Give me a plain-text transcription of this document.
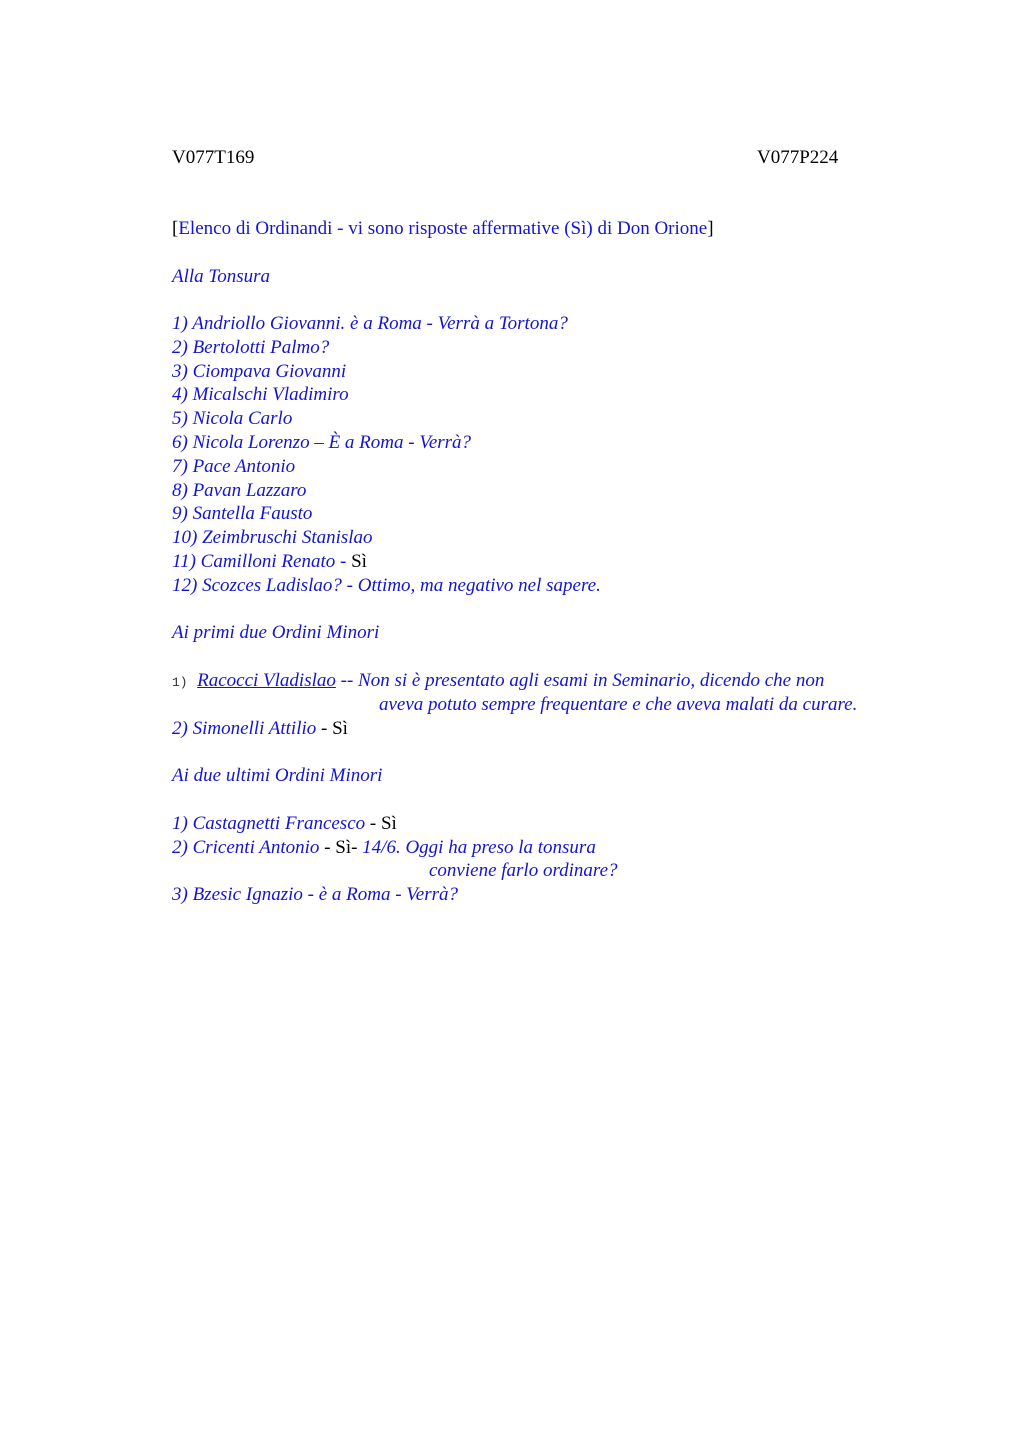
V077T169	V077P224
[Elenco di Ordinandi - vi sono risposte affermative (Sì) di Don Orione]
Alla Tonsura
1) Andriollo Giovanni. è a Roma - Verrà a Tortona?
2) Bertolotti Palmo?
3) Ciompava Giovanni
4) Micalschi Vladimiro
5) Nicola Carlo
6) Nicola Lorenzo – È a Roma - Verrà?
7) Pace Antonio
8) Pavan Lazzaro
9) Santella Fausto
10) Zeimbruschi Stanislao
11) Camilloni Renato - Sì
12) Scozces Ladislao? - Ottimo, ma negativo nel sapere.
Ai primi due Ordini Minori
1) Racocci Vladislao -- Non si è presentato agli esami in Seminario, dicendo che non
aveva potuto sempre frequentare e che aveva malati da curare.
2) Simonelli Attilio - Sì
Ai due ultimi Ordini Minori
1) Castagnetti Francesco - Sì
2) Cricenti Antonio - Sì- 14/6. Oggi ha preso la tonsura
conviene farlo ordinare?
3) Bzesic Ignazio - è a Roma - Verrà?
